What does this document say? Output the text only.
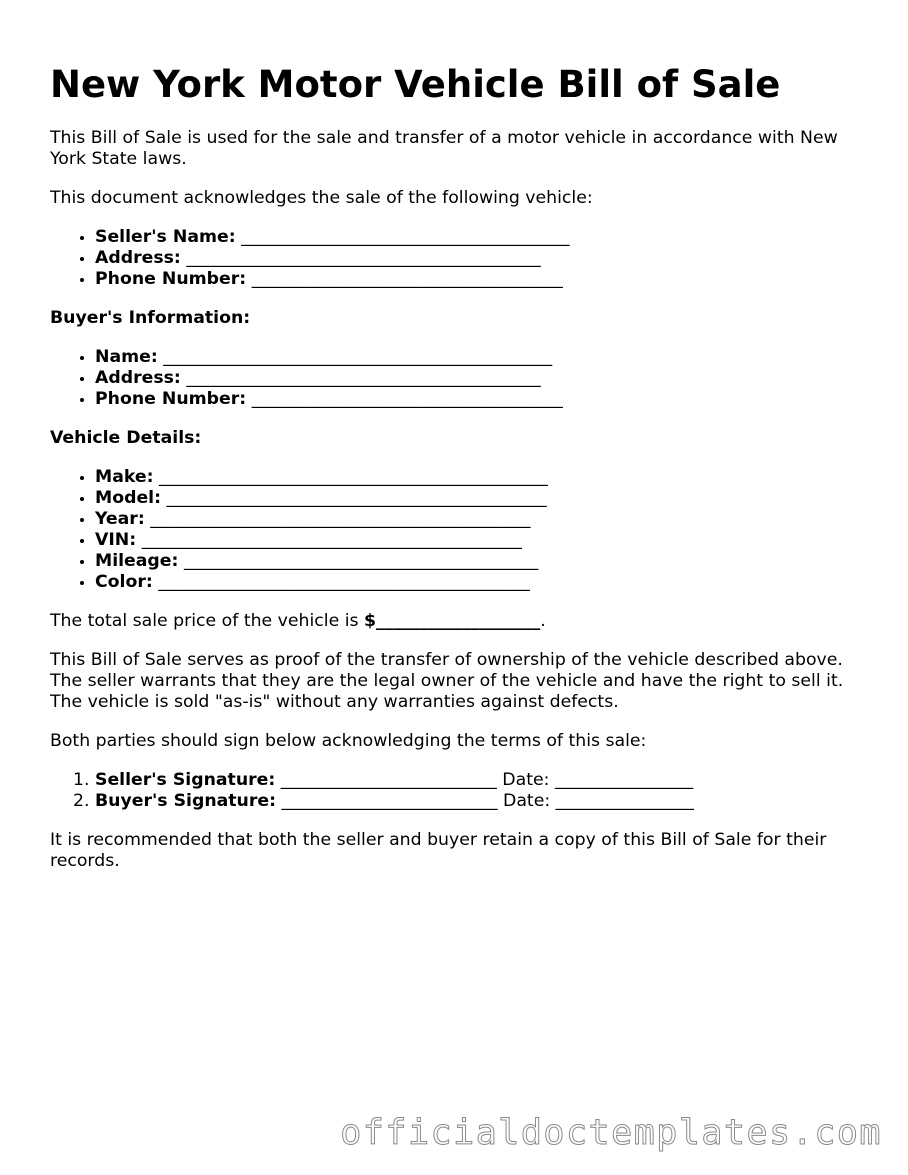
New York Motor Vehicle Bill of Sale

This Bill of Sale is used for the sale and transfer of a motor vehicle in accordance with New York State laws.

This document acknowledges the sale of the following vehicle:

• Seller's Name: ______________________________________
• Address: _________________________________________
• Phone Number: ____________________________________

Buyer's Information:

• Name: _____________________________________________
• Address: _________________________________________
• Phone Number: ____________________________________

Vehicle Details:

• Make: _____________________________________________
• Model: ____________________________________________
• Year: ____________________________________________
• VIN: ____________________________________________
• Mileage: _________________________________________
• Color: ___________________________________________

The total sale price of the vehicle is $___________________.

This Bill of Sale serves as proof of the transfer of ownership of the vehicle described above. The seller warrants that they are the legal owner of the vehicle and have the right to sell it. The vehicle is sold "as-is" without any warranties against defects.

Both parties should sign below acknowledging the terms of this sale:

1. Seller's Signature: _________________________ Date: ________________
2. Buyer's Signature: _________________________ Date: ________________

It is recommended that both the seller and buyer retain a copy of this Bill of Sale for their records.

officialdoctemplates.com
